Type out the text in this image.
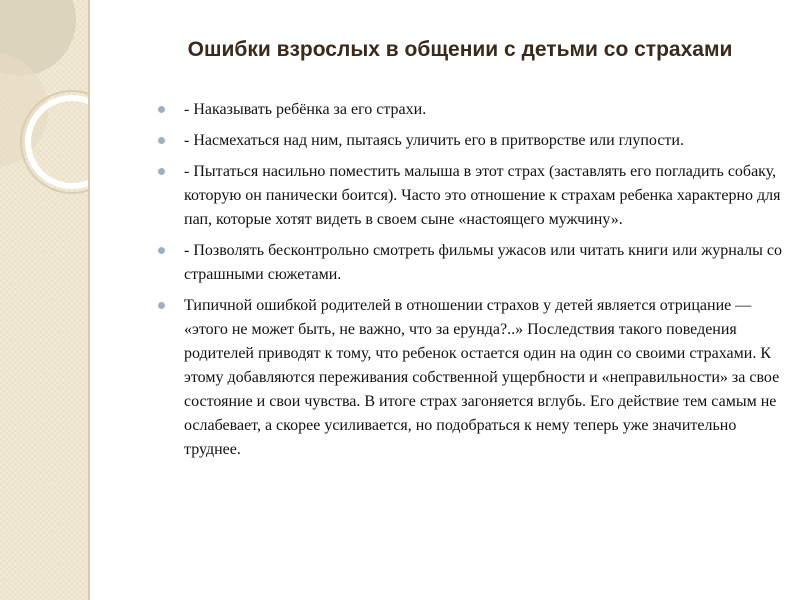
Ошибки взрослых в общении с детьми со страхами
- Наказывать ребёнка за его страхи.
- Насмехаться над ним, пытаясь уличить его в притворстве или глупости.
- Пытаться насильно поместить малыша в этот страх (заставлять его погладить собаку, которую он панически боится). Часто это отношение к страхам ребенка характерно для пап, которые хотят видеть в своем сыне «настоящего мужчину».
- Позволять бесконтрольно смотреть фильмы ужасов или читать книги или журналы со страшными сюжетами.
Типичной ошибкой родителей в отношении страхов у детей является отрицание — «этого не может быть, не важно, что за ерунда?..» Последствия такого поведения родителей приводят к тому, что ребенок остается один на один со своими страхами. К этому добавляются переживания собственной ущербности и «неправильности» за свое состояние и свои чувства. В итоге страх загоняется вглубь. Его действие тем самым не ослабевает, а скорее усиливается, но подобраться к нему теперь уже значительно труднее.
